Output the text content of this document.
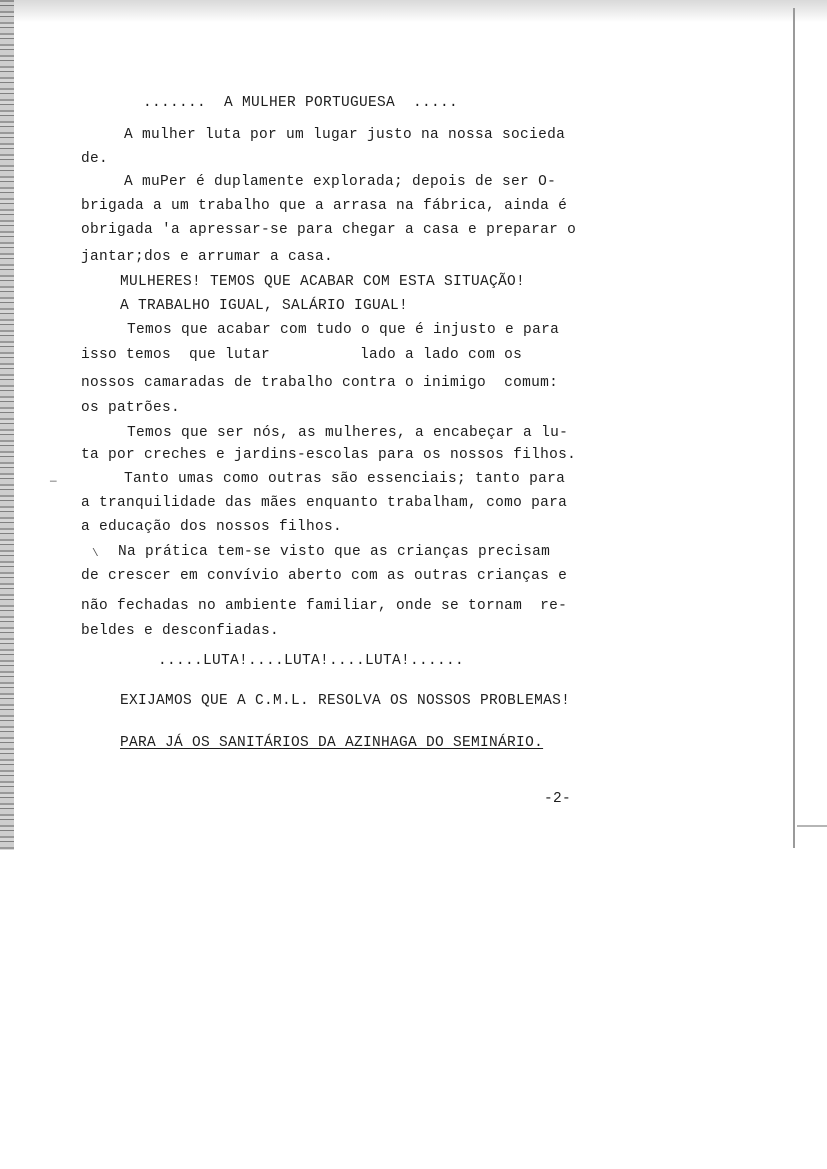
.......  A MULHER PORTUGUESA  .....
A mulher luta por um lugar justo na nossa socieda
de.
A muPer é duplamente explorada; depois de ser O-
brigada a um trabalho que a arrasa na fábrica, ainda é
obrigada 'a apressar-se para chegar a casa e preparar o
jantar;dos e arrumar a casa.
MULHERES! TEMOS QUE ACABAR COM ESTA SITUAÇÃO!
A TRABALHO IGUAL, SALÁRIO IGUAL!
Temos que acabar com tudo o que é injusto e para
isso temos  que lutar          lado a lado com os
nossos camaradas de trabalho contra o inimigo  comum:
os patrões.
Temos que ser nós, as mulheres, a encabeçar a lu-
ta por creches e jardins-escolas para os nossos filhos.
Tanto umas como outras são essenciais; tanto para
a tranquilidade das mães enquanto trabalham, como para
a educação dos nossos filhos.
Na prática tem-se visto que as crianças precisam
de crescer em convívio aberto com as outras crianças e
não fechadas no ambiente familiar, onde se tornam  re-
beldes e desconfiadas.
.....LUTA!....LUTA!....LUTA!......
EXIJAMOS QUE A C.M.L. RESOLVA OS NOSSOS PROBLEMAS!
PARA JÁ OS SANITÁRIOS DA AZINHAGA DO SEMINÁRIO.
-2-
—
\
